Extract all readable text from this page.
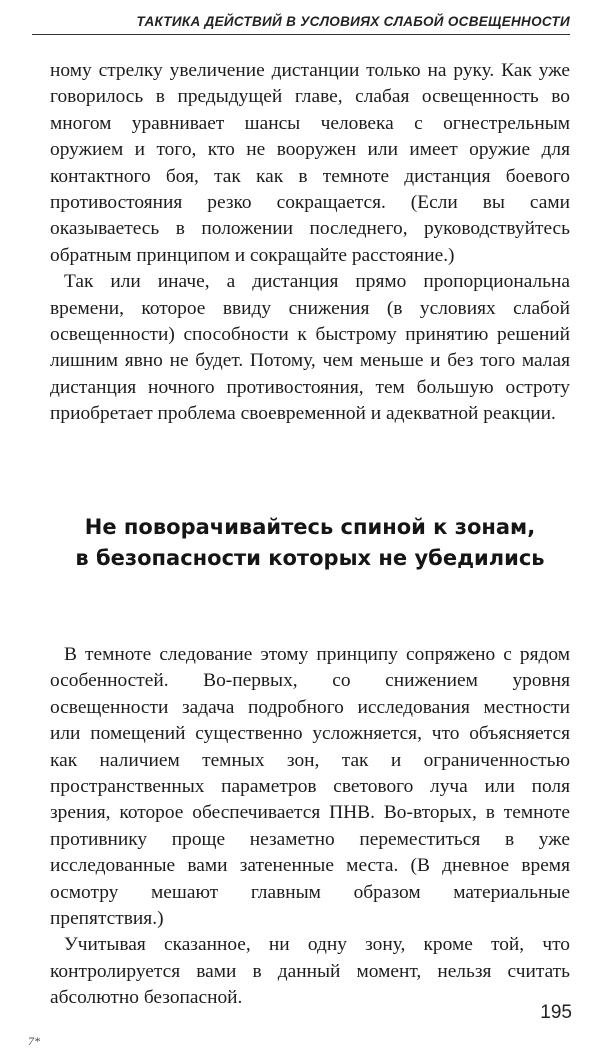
ТАКТИКА ДЕЙСТВИЙ В УСЛОВИЯХ СЛАБОЙ ОСВЕЩЕННОСТИ

ному стрелку увеличение дистанции только на руку. Как уже говорилось в предыдущей главе, слабая освещенность во многом уравнивает шансы человека с огнестрельным оружием и того, кто не вооружен или имеет оружие для контактного боя, так как в темноте дистанция боевого противостояния резко сокращается. (Если вы сами оказываетесь в положении последнего, руководствуйтесь обратным принципом и сокращайте расстояние.)

Так или иначе, а дистанция прямо пропорциональна времени, которое ввиду снижения (в условиях слабой освещенности) способности к быстрому принятию решений лишним явно не будет. Потому, чем меньше и без того малая дистанция ночного противостояния, тем большую остроту приобретает проблема своевременной и адекватной реакции.

Не поворачивайтесь спиной к зонам,
в безопасности которых не убедились

В темноте следование этому принципу сопряжено с рядом особенностей. Во-первых, со снижением уровня освещенности задача подробного исследования местности или помещений существенно усложняется, что объясняется как наличием темных зон, так и ограниченностью пространственных параметров светового луча или поля зрения, которое обеспечивается ПНВ. Во-вторых, в темноте противнику проще незаметно переместиться в уже исследованные вами затененные места. (В дневное время осмотру мешают главным образом материальные препятствия.)

Учитывая сказанное, ни одну зону, кроме той, что контролируется вами в данный момент, нельзя считать абсолютно безопасной.

195
7*
